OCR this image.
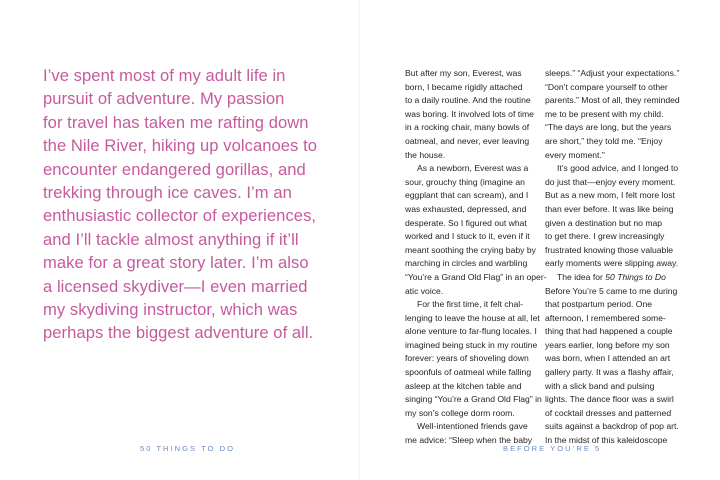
I’ve spent most of my adult life in
pursuit of adventure. My passion
for travel has taken me rafting down
the Nile River, hiking up volcanoes to
encounter endangered gorillas, and
trekking through ice caves. I’m an
enthusiastic collector of experiences,
and I’ll tackle almost anything if it’ll
make for a great story later. I’m also
a licensed skydiver—I even married
my skydiving instructor, which was
perhaps the biggest adventure of all.

50 THINGS TO DO

But after my son, Everest, was
born, I became rigidly attached
to a daily routine. And the routine
was boring. It involved lots of time
in a rocking chair, many bowls of
oatmeal, and never, ever leaving
the house.
As a newborn, Everest was a
sour, grouchy thing (imagine an
eggplant that can scream), and I
was exhausted, depressed, and
desperate. So I figured out what
worked and I stuck to it, even if it
meant soothing the crying baby by
marching in circles and warbling
“You’re a Grand Old Flag” in an oper-
atic voice.
For the first time, it felt chal-
lenging to leave the house at all, let
alone venture to far-flung locales. I
imagined being stuck in my routine
forever: years of shoveling down
spoonfuls of oatmeal while falling
asleep at the kitchen table and
singing “You’re a Grand Old Flag” in
my son’s college dorm room.
Well-intentioned friends gave
me advice: “Sleep when the baby

sleeps.” “Adjust your expectations.”
“Don’t compare yourself to other
parents.” Most of all, they reminded
me to be present with my child.
“The days are long, but the years
are short,” they told me. “Enjoy
every moment.”
It’s good advice, and I longed to
do just that—enjoy every moment.
But as a new mom, I felt more lost
than ever before. It was like being
given a destination but no map
to get there. I grew increasingly
frustrated knowing those valuable
early moments were slipping away.
The idea for 50 Things to Do
Before You’re 5 came to me during
that postpartum period. One
afternoon, I remembered some-
thing that had happened a couple
years earlier, long before my son
was born, when I attended an art
gallery party. It was a flashy affair,
with a slick band and pulsing
lights. The dance floor was a swirl
of cocktail dresses and patterned
suits against a backdrop of pop art.
In the midst of this kaleidoscope

BEFORE YOU’RE 5
